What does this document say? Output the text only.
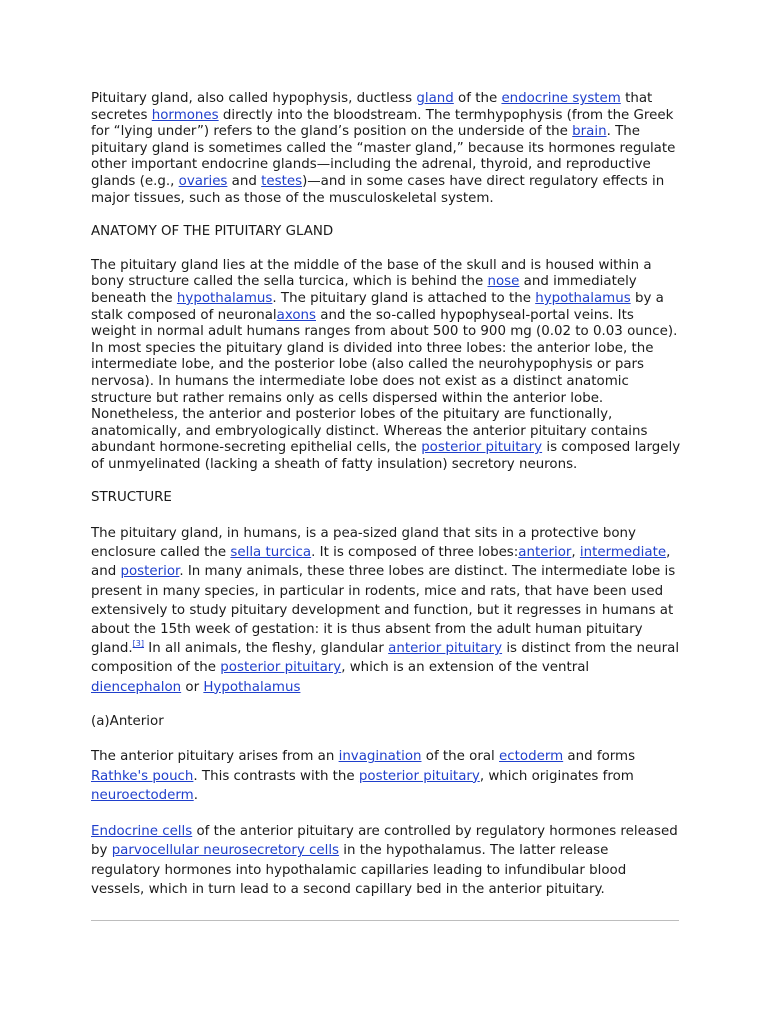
Pituitary gland, also called hypophysis, ductless gland of the endocrine system that secretes hormones directly into the bloodstream. The termhypophysis (from the Greek for “lying under”) refers to the gland’s position on the underside of the brain. The pituitary gland is sometimes called the “master gland,” because its hormones regulate other important endocrine glands—including the adrenal, thyroid, and reproductive glands (e.g., ovaries and testes)—and in some cases have direct regulatory effects in major tissues, such as those of the musculoskeletal system.

ANATOMY OF THE PITUITARY GLAND

The pituitary gland lies at the middle of the base of the skull and is housed within a bony structure called the sella turcica, which is behind the nose and immediately beneath the hypothalamus. The pituitary gland is attached to the hypothalamus by a stalk composed of neuronalaxons and the so-called hypophyseal-portal veins. Its weight in normal adult humans ranges from about 500 to 900 mg (0.02 to 0.03 ounce).

In most species the pituitary gland is divided into three lobes: the anterior lobe, the intermediate lobe, and the posterior lobe (also called the neurohypophysis or pars nervosa). In humans the intermediate lobe does not exist as a distinct anatomic structure but rather remains only as cells dispersed within the anterior lobe. Nonetheless, the anterior and posterior lobes of the pituitary are functionally, anatomically, and embryologically distinct. Whereas the anterior pituitary contains abundant hormone-secreting epithelial cells, the posterior pituitary is composed largely of unmyelinated (lacking a sheath of fatty insulation) secretory neurons.

STRUCTURE

The pituitary gland, in humans, is a pea-sized gland that sits in a protective bony enclosure called the sella turcica. It is composed of three lobes:anterior, intermediate, and posterior. In many animals, these three lobes are distinct. The intermediate lobe is present in many species, in particular in rodents, mice and rats, that have been used extensively to study pituitary development and function, but it regresses in humans at about the 15th week of gestation: it is thus absent from the adult human pituitary gland.[3] In all animals, the fleshy, glandular anterior pituitary is distinct from the neural composition of the posterior pituitary, which is an extension of the ventral diencephalon or Hypothalamus

(a)Anterior

The anterior pituitary arises from an invagination of the oral ectoderm and forms Rathke's pouch. This contrasts with the posterior pituitary, which originates from neuroectoderm.

Endocrine cells of the anterior pituitary are controlled by regulatory hormones released by parvocellular neurosecretory cells in the hypothalamus. The latter release regulatory hormones into hypothalamic capillaries leading to infundibular blood vessels, which in turn lead to a second capillary bed in the anterior pituitary.
